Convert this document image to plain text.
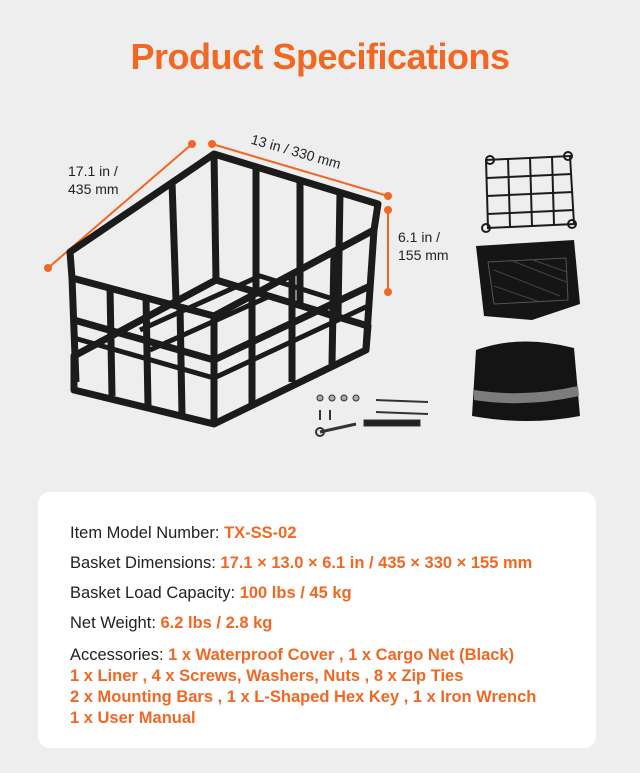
Product Specifications
17.1 in /
435 mm
13 in / 330 mm
6.1 in /
155 mm
Item Model Number: TX-SS-02
Basket Dimensions: 17.1 × 13.0 × 6.1 in / 435 × 330 × 155 mm
Basket Load Capacity: 100 lbs / 45 kg
Net Weight: 6.2 lbs / 2.8 kg
Accessories: 1 x Waterproof Cover , 1 x Cargo Net (Black)
1 x Liner , 4 x Screws, Washers, Nuts , 8 x Zip Ties
2 x Mounting Bars , 1 x L-Shaped Hex Key , 1 x Iron Wrench
1 x User Manual
